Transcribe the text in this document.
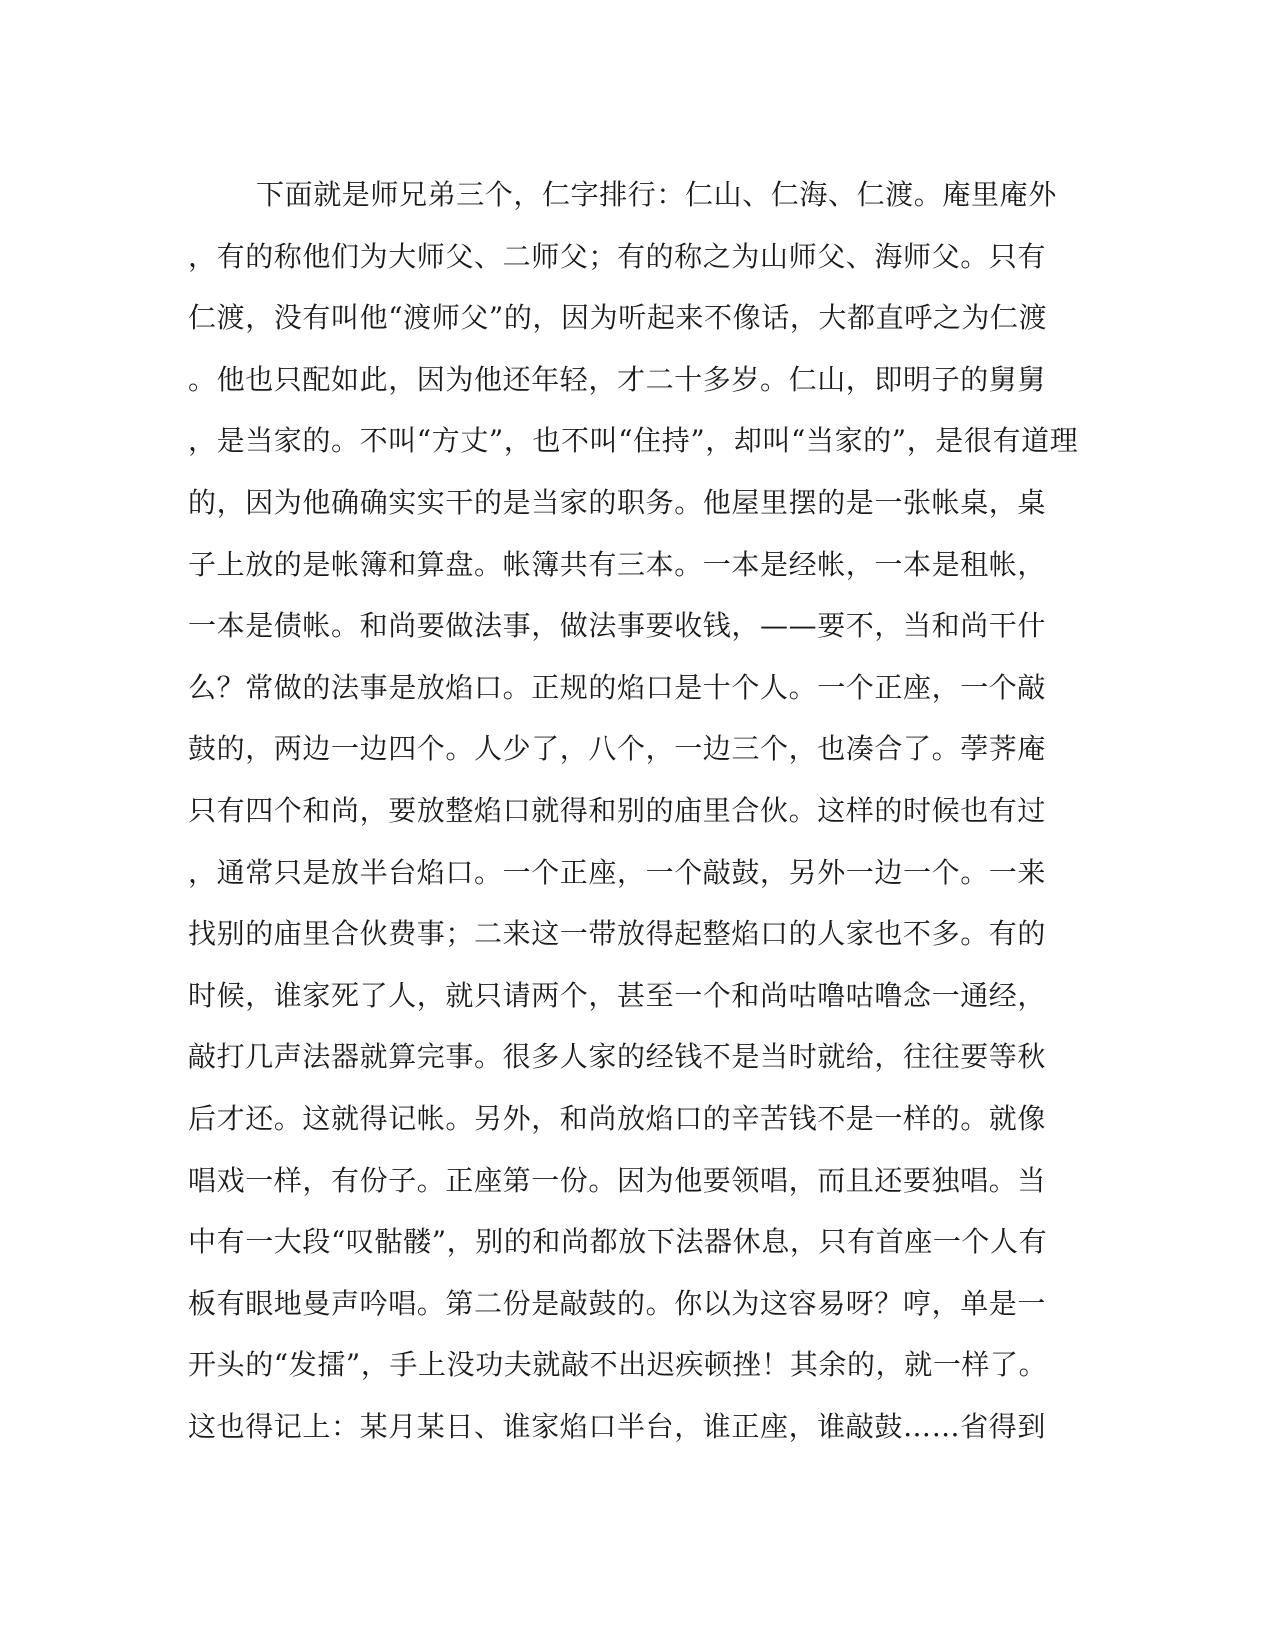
下面就是师兄弟三个，仁字排行：仁山、仁海、仁渡。庵里庵外
，有的称他们为大师父、二师父；有的称之为山师父、海师父。只有
仁渡，没有叫他“渡师父”的，因为听起来不像话，大都直呼之为仁渡
。他也只配如此，因为他还年轻，才二十多岁。仁山，即明子的舅舅
，是当家的。不叫“方丈”，也不叫“住持”，却叫“当家的”，是很有道理
的，因为他确确实实干的是当家的职务。他屋里摆的是一张帐桌，桌
子上放的是帐簿和算盘。帐簿共有三本。一本是经帐，一本是租帐，
一本是债帐。和尚要做法事，做法事要收钱，——要不，当和尚干什
么？常做的法事是放焰口。正规的焰口是十个人。一个正座，一个敲
鼓的，两边一边四个。人少了，八个，一边三个，也凑合了。荸荠庵
只有四个和尚，要放整焰口就得和别的庙里合伙。这样的时候也有过
，通常只是放半台焰口。一个正座，一个敲鼓，另外一边一个。一来
找别的庙里合伙费事；二来这一带放得起整焰口的人家也不多。有的
时候，谁家死了人，就只请两个，甚至一个和尚咕噜咕噜念一通经，
敲打几声法器就算完事。很多人家的经钱不是当时就给，往往要等秋
后才还。这就得记帐。另外，和尚放焰口的辛苦钱不是一样的。就像
唱戏一样，有份子。正座第一份。因为他要领唱，而且还要独唱。当
中有一大段“叹骷髅”，别的和尚都放下法器休息，只有首座一个人有
板有眼地曼声吟唱。第二份是敲鼓的。你以为这容易呀？哼，单是一
开头的“发擂”，手上没功夫就敲不出迟疾顿挫！其余的，就一样了。
这也得记上：某月某日、谁家焰口半台，谁正座，谁敲鼓……省得到
